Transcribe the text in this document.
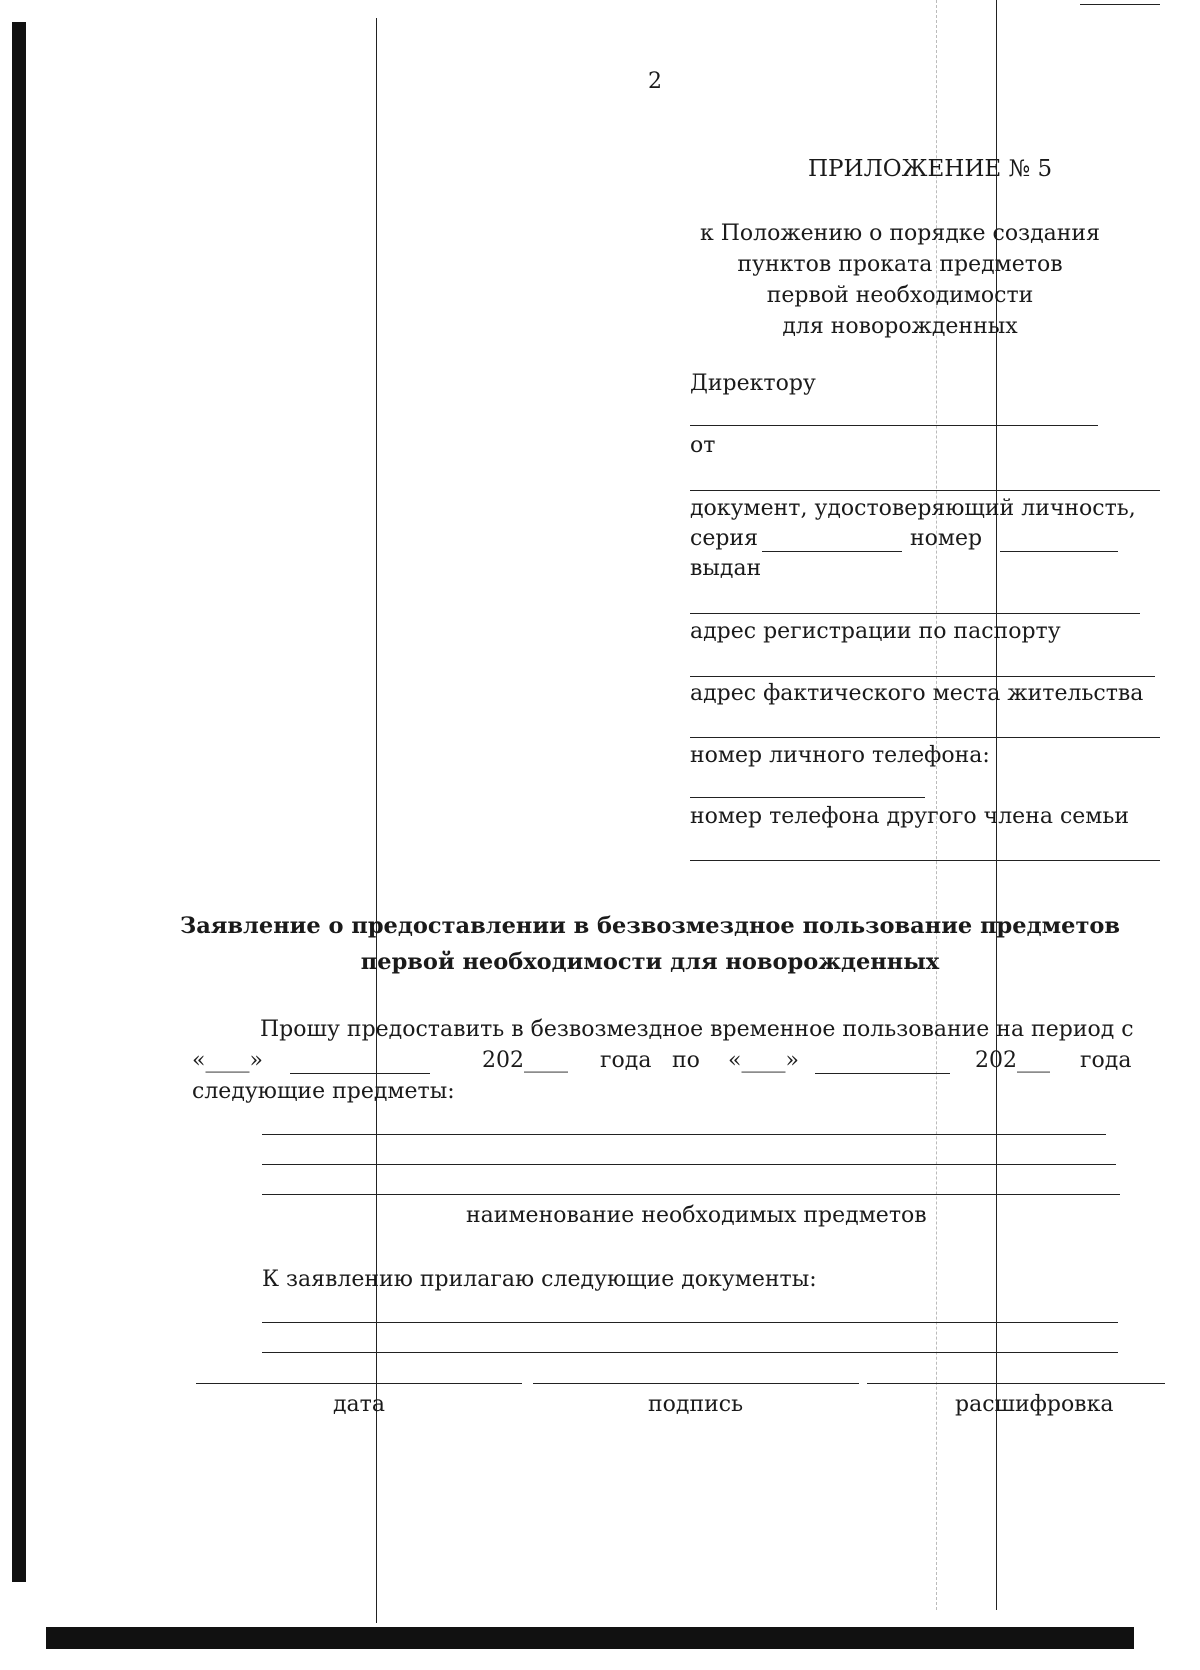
2
ПРИЛОЖЕНИЕ № 5
к Положению о порядке создания
пунктов проката предметов
первой необходимости
для новорожденных
Директору
от
документ, удостоверяющий личность,
серия	номер
выдан
адрес регистрации по паспорту
адрес фактического места жительства
номер личного телефона:
номер телефона другого члена семьи
Заявление о предоставлении в безвозмездное пользование предметов
первой необходимости для новорожденных
Прошу предоставить в безвозмездное временное пользование на период с
«____»	202____ года по «____»	202___ года
следующие предметы:
наименование необходимых предметов
К заявлению прилагаю следующие документы:
дата	подпись	расшифровка
